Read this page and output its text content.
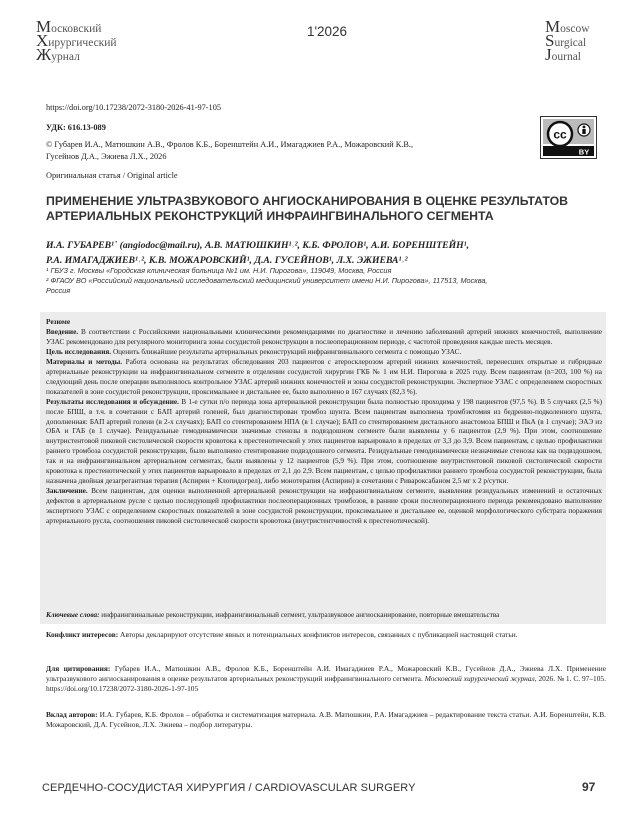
Московский
Хирургический
Журнал
1'2026	Moscow
Surgical
Journal
https://doi.org/10.17238/2072-3180-2026-41-97-105
УДК: 616.13-089
© Губарев И.А., Матюшкин А.В., Фролов К.Б., Боренштейн А.И., Имагаджиев Р.А., Можаровский К.В.,
Гусейнов Д.А., Эжиева Л.Х., 2026
Оригинальная статья / Original article
cc
BY
ПРИМЕНЕНИЕ УЛЬТРАЗВУКОВОГО АНГИОСКАНИРОВАНИЯ В ОЦЕНКЕ РЕЗУЛЬТАТОВ
АРТЕРИАЛЬНЫХ РЕКОНСТРУКЦИЙ ИНФРАИНГВИНАЛЬНОГО СЕГМЕНТА
И.А. ГУБАРЕВ¹˙ (angiodoc@mail.ru), А.В. МАТЮШКИН¹˒², К.Б. ФРОЛОВ¹, А.И. БОРЕНШТЕЙН¹,
Р.А. ИМАГАДЖИЕВ¹˒², К.В. МОЖАРОВСКИЙ¹, Д.А. ГУСЕЙНОВ¹, Л.Х. ЭЖИЕВА¹˒²
¹ ГБУЗ г. Москвы «Городская клиническая больница №1 им. Н.И. Пирогова», 119049, Москва, Россия
² ФГАОУ ВО «Российский национальный исследовательский медицинский университет имени Н.И. Пирогова», 117513, Москва,
Россия

Резюме

Введение. В соответствии с Российскими национальными клиническими рекомендациями по диагностике и лечению заболеваний артерий нижних конечностей, выполнение УЗАС рекомендовано для регулярного мониторинга зоны сосудистой реконструкции в послеоперационном периоде, с частотой проведения каждые шесть месяцев.

Цель исследования. Оценить ближайшие результаты артериальных реконструкций инфраингвинального сегмента с помощью УЗАС.

Материалы и методы. Работа основана на результатах обследования 203 пациентов с атеросклерозом артерий нижних конечностей, перенесших открытые и гибридные артериальные реконструкции на инфраингвинальном сегменте в отделении сосудистой хирургии ГКБ № 1 им Н.И. Пирогова в 2025 году. Всем пациентам (n=203, 100 %) на следующий день после операции выполнялось контрольное УЗАС артерий нижних конечностей и зоны сосудистой реконструкции. Экспертное УЗАС с определением скоростных показателей в зоне сосудистой реконструкции, проксимальнее и дистальнее ее, было выполнено в 167 случаях (82,3 %).

Результаты исследования и обсуждение. В 1-е сутки п/о периода зона артериальной реконструкции была полностью проходима у 198 пациентов (97,5 %). В 5 случаях (2,5 %) после БПШ, в т.ч. в сочетании с БАП артерий голеней, был диагностирован тромбоз шунта. Всем пациентам выполнена тромбэктомия из бедренно-подколенного шунта, дополненная: БАП артерий голени (в 2-х случаях); БАП со стентированием НПА (в 1 случае); БАП со стентированием дистального анастомоза БПШ и ПкА (в 1 случае); ЭАЭ из ОБА и ГАБ (в 1 случае). Резидуальные гемодинамически значимые стенозы в подвздошном сегменте были выявлены у 6 пациентов (2,9 %). При этом, соотношение внутристентовой пиковой систолической скорости кровотока к престенотической у этих пациентов варьировало в пределах от 3,3 до 3,9. Всем пациентам, с целью профилактики раннего тромбоза сосудистой реконструкции, было выполнено стентирование подвздошного сегмента. Резидуальные гемодинамически незначимые стенозы как на подвздошном, так и на инфраингвинальном артериальном сегментах, были выявлены у 12 пациентов (5,9 %). При этом, соотношение внутристентовой пиковой систолической скорости кровотока к престенотической у этих пациентов варьировало в пределах от 2,1 до 2,9. Всем пациентам, с целью профилактики раннего тромбоза сосудистой реконструкции, была назначена двойная дезагрегантная терапия (Аспирин + Клопидогрел), либо монотерапия (Аспирин) в сочетании с Ривароксабаном 2,5 мг х 2 р/сутки.

Заключение. Всем пациентам, для оценки выполненной артериальной реконструкции на инфраингвинальном сегменте, выявления резидуальных изменений и остаточных дефектов в артериальном русле с целью последующей профилактики послеоперационных тромбозов, в ранние сроки послеоперационного периода рекомендовано выполнение экспертного УЗАС с определением скоростных показателей в зоне сосудистой реконструкции, проксимальнее и дистальнее ее, оценкой морфологического субстрата поражения артериального русла, соотношения пиковой систолической скорости кровотока (внутристентчивостей к престенотической).

Ключевые слова: инфраингвинальные реконструкции, инфраингвинальный сегмент, ультразвуковое ангиосканирование, повторные вмешательства
Конфликт интересов: Авторы декларируют отсутствие явных и потенциальных конфликтов интересов, связанных с публикацией настоящей статьи.
Для цитирования: Губарев И.А., Матюшкин А.В., Фролов К.Б., Боренштейн А.И. Имагаджиев Р.А., Можаровский К.В., Гусейнов Д.А., Эжиева Л.Х. Применение ультразвукового ангиосканирования в оценке результатов артериальных реконструкций инфраингвинального сегмента. Московский хирургический журнал, 2026. № 1. С. 97–105. https://doi.org/10.17238/2072-3180-2026-1-97-105
Вклад авторов: И.А. Губарев, К.Б. Фролов – обработка и систематизация материала. А.В. Матюшкин, Р.А. Имагаджиев – редактирование текста статьи. А.И. Боренштейн, К.В. Можаровский, Д.А. Гусейнов, Л.Х. Эжиева – подбор литературы.
СЕРДЕЧНО-СОСУДИСТАЯ ХИРУРГИЯ / CARDIOVASCULAR SURGERY	97
